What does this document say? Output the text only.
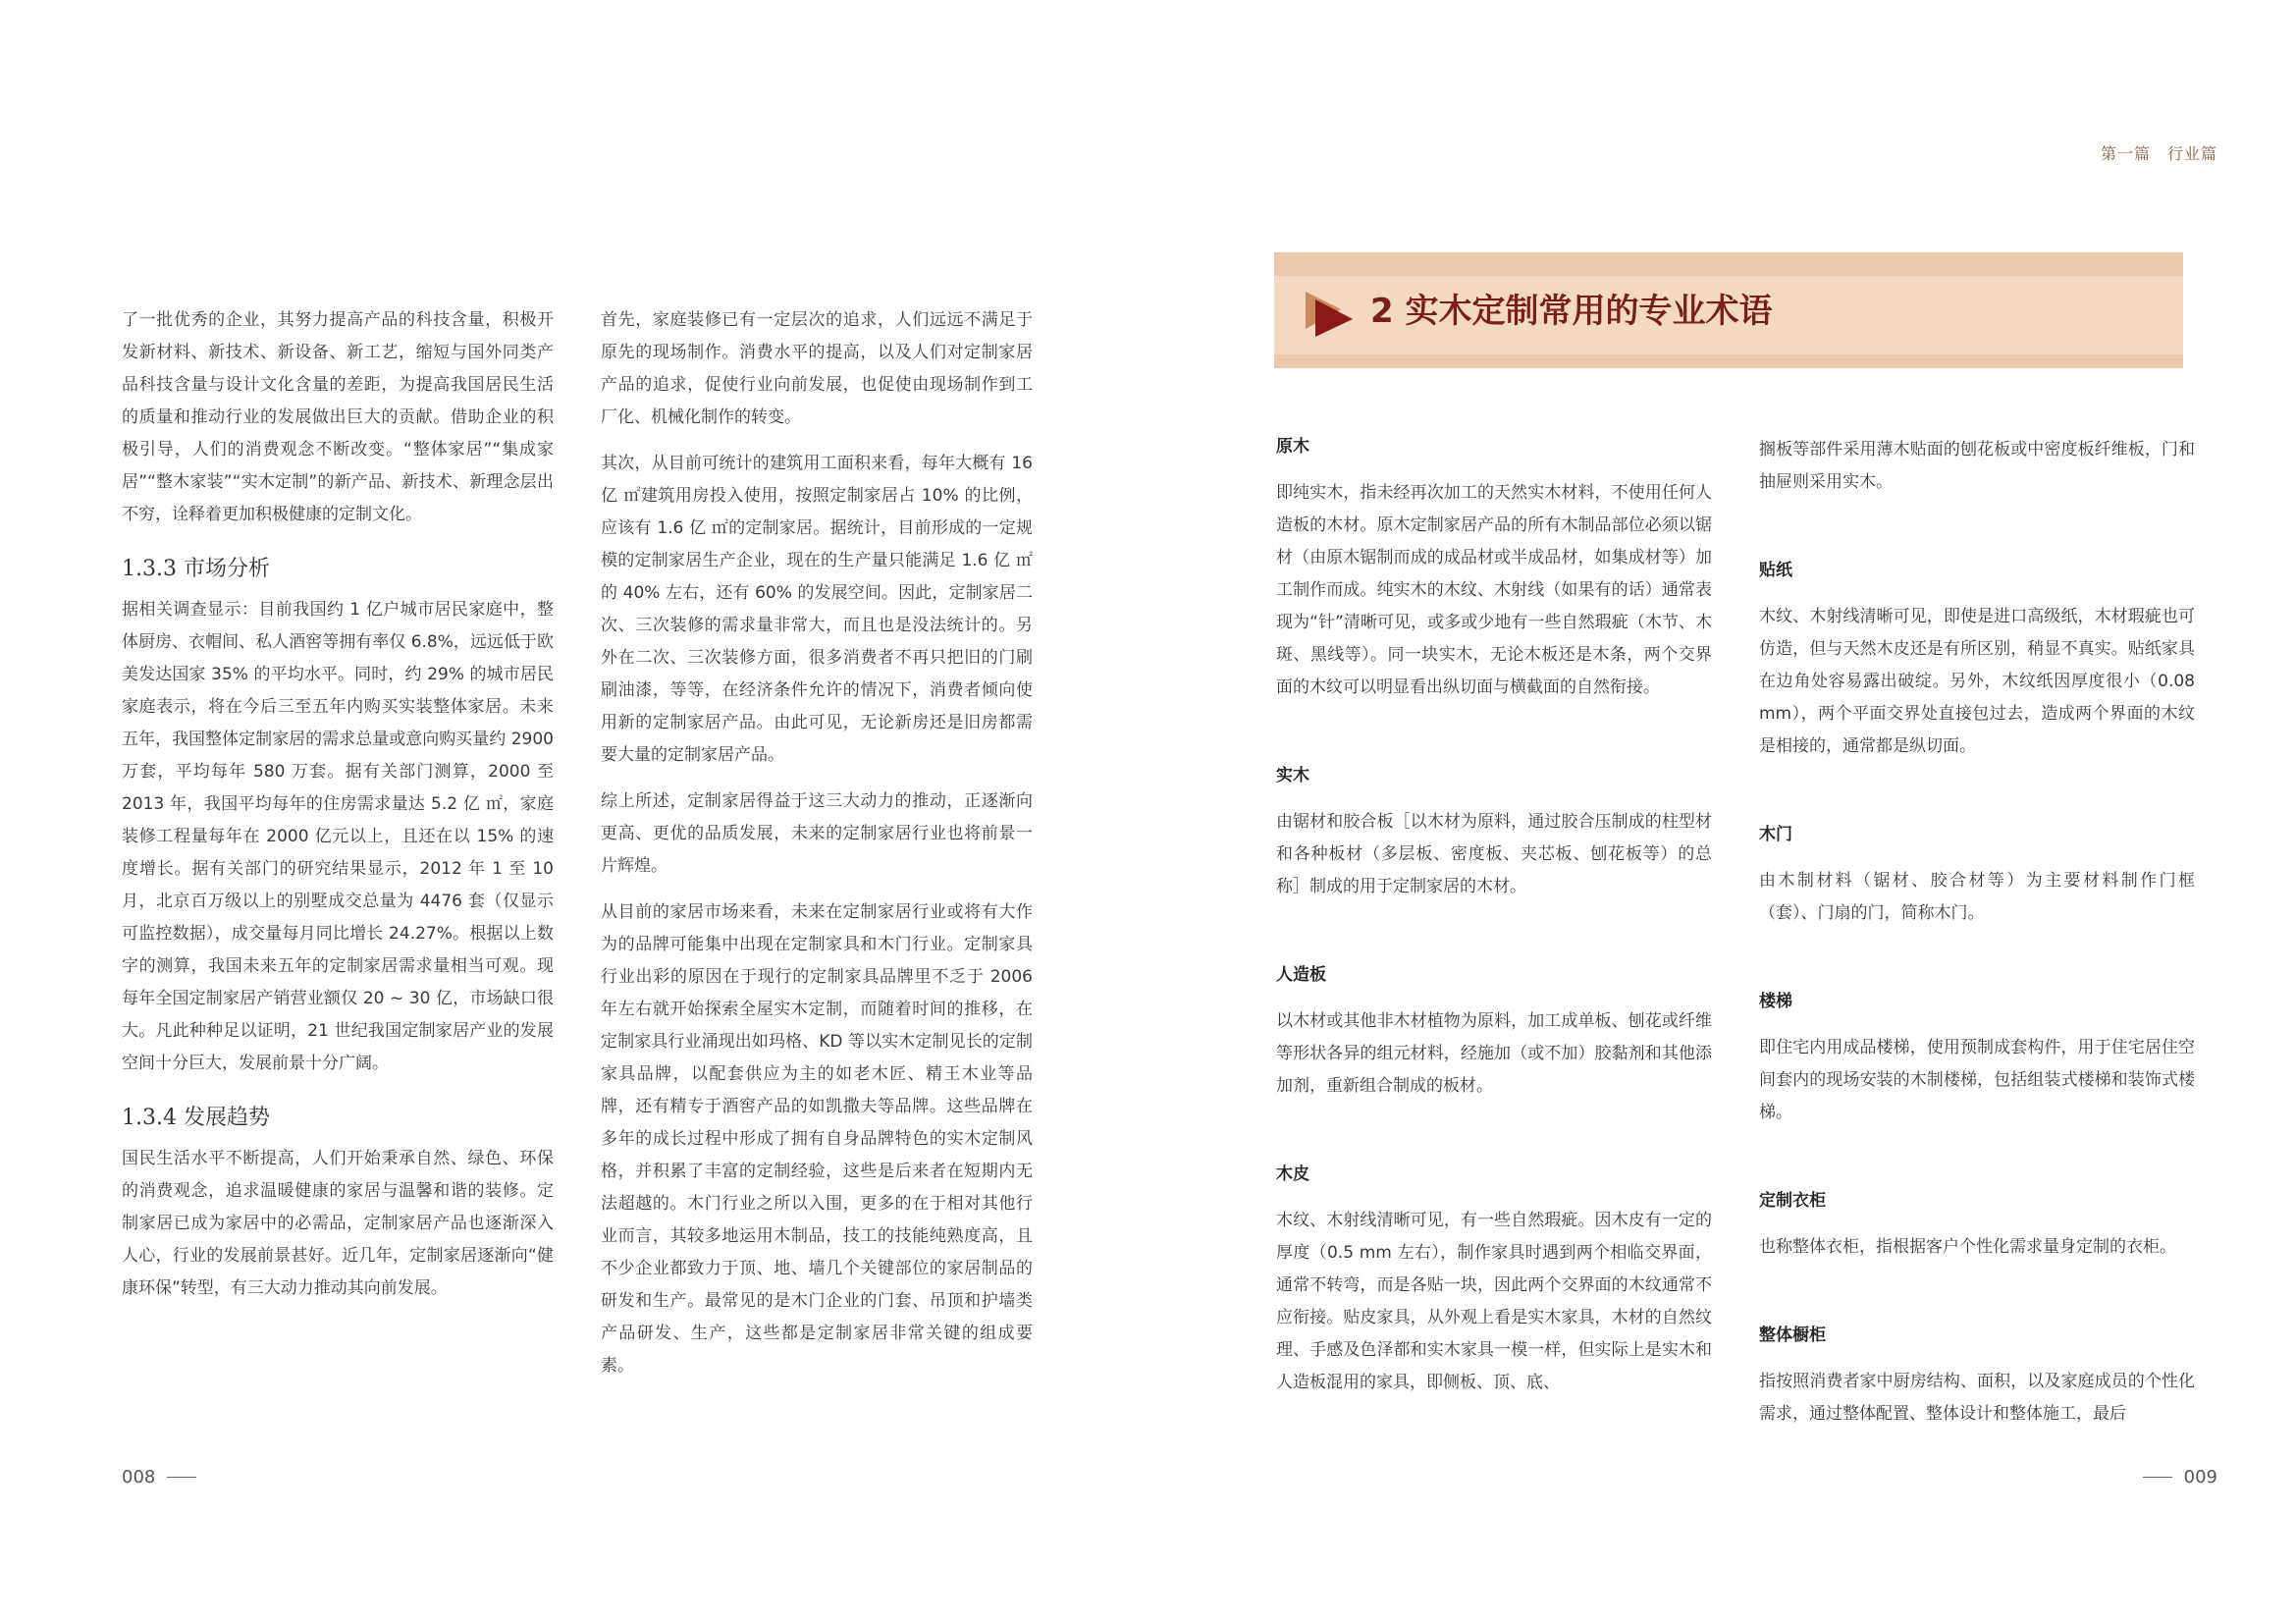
了一批优秀的企业，其努力提高产品的科技含量，积极开发新材料、新技术、新设备、新工艺，缩短与国外同类产品科技含量与设计文化含量的差距，为提高我国居民生活的质量和推动行业的发展做出巨大的贡献。借助企业的积极引导，人们的消费观念不断改变。“整体家居”“集成家居”“整木家装”“实木定制”的新产品、新技术、新理念层出不穷，诠释着更加积极健康的定制文化。

1.3.3 市场分析

据相关调查显示：目前我国约 1 亿户城市居民家庭中，整体厨房、衣帽间、私人酒窖等拥有率仅 6.8%，远远低于欧美发达国家 35% 的平均水平。同时，约 29% 的城市居民家庭表示，将在今后三至五年内购买实装整体家居。未来五年，我国整体定制家居的需求总量或意向购买量约 2900 万套，平均每年 580 万套。据有关部门测算，2000 至 2013 年，我国平均每年的住房需求量达 5.2 亿 ㎡，家庭装修工程量每年在 2000 亿元以上，且还在以 15% 的速度增长。据有关部门的研究结果显示，2012 年 1 至 10 月，北京百万级以上的别墅成交总量为 4476 套（仅显示可监控数据），成交量每月同比增长 24.27%。根据以上数字的测算，我国未来五年的定制家居需求量相当可观。现每年全国定制家居产销营业额仅 20 ~ 30 亿，市场缺口很大。凡此种种足以证明，21 世纪我国定制家居产业的发展空间十分巨大，发展前景十分广阔。

1.3.4 发展趋势

国民生活水平不断提高，人们开始秉承自然、绿色、环保的消费观念，追求温暖健康的家居与温馨和谐的装修。定制家居已成为家居中的必需品，定制家居产品也逐渐深入人心，行业的发展前景甚好。近几年，定制家居逐渐向“健康环保”转型，有三大动力推动其向前发展。

首先，家庭装修已有一定层次的追求，人们远远不满足于原先的现场制作。消费水平的提高，以及人们对定制家居产品的追求，促使行业向前发展，也促使由现场制作到工厂化、机械化制作的转变。

其次，从目前可统计的建筑用工面积来看，每年大概有 16 亿 ㎡建筑用房投入使用，按照定制家居占 10% 的比例，应该有 1.6 亿 ㎡的定制家居。据统计，目前形成的一定规模的定制家居生产企业，现在的生产量只能满足 1.6 亿 ㎡的 40% 左右，还有 60% 的发展空间。因此，定制家居二次、三次装修的需求量非常大，而且也是没法统计的。另外在二次、三次装修方面，很多消费者不再只把旧的门刷刷油漆，等等，在经济条件允许的情况下，消费者倾向使用新的定制家居产品。由此可见，无论新房还是旧房都需要大量的定制家居产品。

综上所述，定制家居得益于这三大动力的推动，正逐渐向更高、更优的品质发展，未来的定制家居行业也将前景一片辉煌。

从目前的家居市场来看，未来在定制家居行业或将有大作为的品牌可能集中出现在定制家具和木门行业。定制家具行业出彩的原因在于现行的定制家具品牌里不乏于 2006 年左右就开始探索全屋实木定制，而随着时间的推移，在定制家具行业涌现出如玛格、KD 等以实木定制见长的定制家具品牌，以配套供应为主的如老木匠、精王木业等品牌，还有精专于酒窖产品的如凯撒夫等品牌。这些品牌在多年的成长过程中形成了拥有自身品牌特色的实木定制风格，并积累了丰富的定制经验，这些是后来者在短期内无法超越的。木门行业之所以入围，更多的在于相对其他行业而言，其较多地运用木制品，技工的技能纯熟度高，且不少企业都致力于顶、地、墙几个关键部位的家居制品的研发和生产。最常见的是木门企业的门套、吊顶和护墙类产品研发、生产，这些都是定制家居非常关键的组成要素。

008
第一篇　行业篇
2 实木定制常用的专业术语
原木

即纯实木，指未经再次加工的天然实木材料，不使用任何人造板的木材。原木定制家居产品的所有木制品部位必须以锯材（由原木锯制而成的成品材或半成品材，如集成材等）加工制作而成。纯实木的木纹、木射线（如果有的话）通常表现为“针”清晰可见，或多或少地有一些自然瑕疵（木节、木斑、黑线等）。同一块实木，无论木板还是木条，两个交界面的木纹可以明显看出纵切面与横截面的自然衔接。

实木

由锯材和胶合板［以木材为原料，通过胶合压制成的柱型材和各种板材（多层板、密度板、夹芯板、刨花板等）的总称］制成的用于定制家居的木材。

人造板

以木材或其他非木材植物为原料，加工成单板、刨花或纤维等形状各异的组元材料，经施加（或不加）胶黏剂和其他添加剂，重新组合制成的板材。

木皮

木纹、木射线清晰可见，有一些自然瑕疵。因木皮有一定的厚度（0.5 mm 左右），制作家具时遇到两个相临交界面，通常不转弯，而是各贴一块，因此两个交界面的木纹通常不应衔接。贴皮家具，从外观上看是实木家具，木材的自然纹理、手感及色泽都和实木家具一模一样，但实际上是实木和人造板混用的家具，即侧板、顶、底、

搁板等部件采用薄木贴面的刨花板或中密度板纤维板，门和抽屉则采用实木。

贴纸

木纹、木射线清晰可见，即使是进口高级纸，木材瑕疵也可仿造，但与天然木皮还是有所区别，稍显不真实。贴纸家具在边角处容易露出破绽。另外，木纹纸因厚度很小（0.08 mm），两个平面交界处直接包过去，造成两个界面的木纹是相接的，通常都是纵切面。

木门

由木制材料（锯材、胶合材等）为主要材料制作门框（套）、门扇的门，简称木门。

楼梯

即住宅内用成品楼梯，使用预制成套构件，用于住宅居住空间套内的现场安装的木制楼梯，包括组装式楼梯和装饰式楼梯。

定制衣柜

也称整体衣柜，指根据客户个性化需求量身定制的衣柜。

整体橱柜

指按照消费者家中厨房结构、面积，以及家庭成员的个性化需求，通过整体配置、整体设计和整体施工，最后

009
